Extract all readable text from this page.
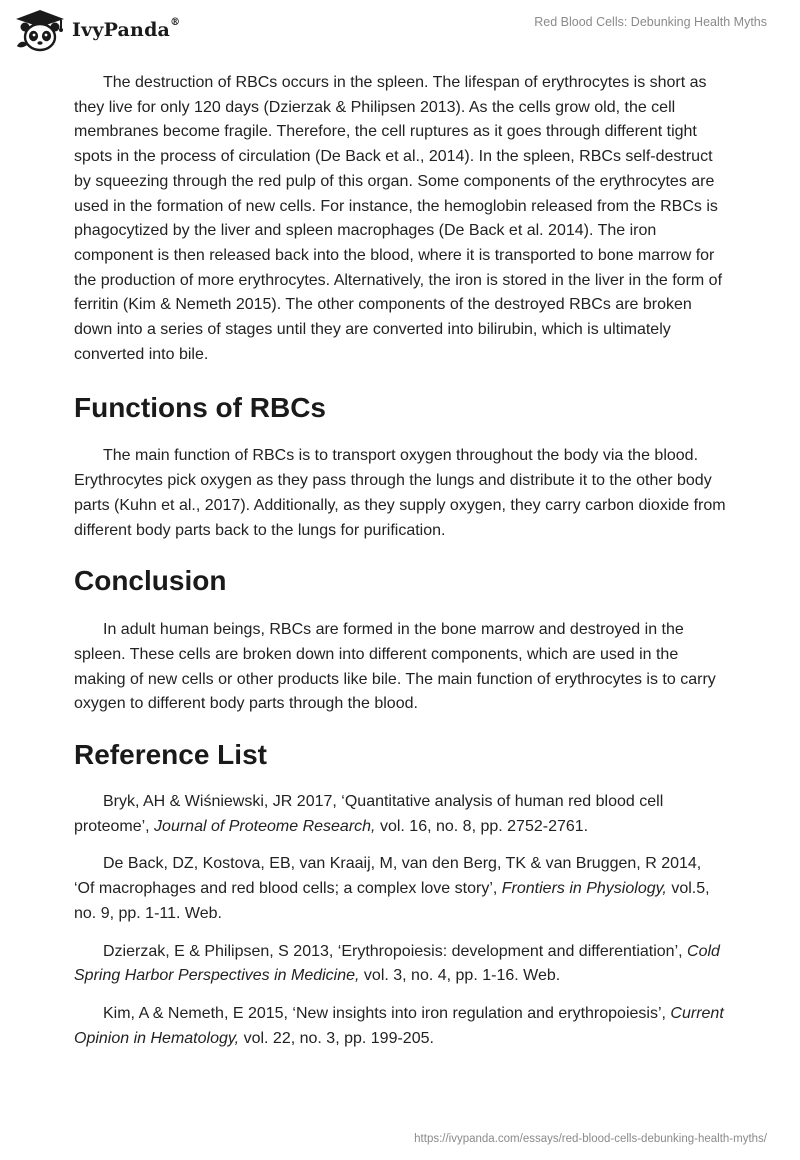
IvyPanda®	Red Blood Cells: Debunking Health Myths

The destruction of RBCs occurs in the spleen. The lifespan of erythrocytes is short as they live for only 120 days (Dzierzak & Philipsen 2013). As the cells grow old, the cell membranes become fragile. Therefore, the cell ruptures as it goes through different tight spots in the process of circulation (De Back et al., 2014). In the spleen, RBCs self-destruct by squeezing through the red pulp of this organ. Some components of the erythrocytes are used in the formation of new cells. For instance, the hemoglobin released from the RBCs is phagocytized by the liver and spleen macrophages (De Back et al. 2014). The iron component is then released back into the blood, where it is transported to bone marrow for the production of more erythrocytes. Alternatively, the iron is stored in the liver in the form of ferritin (Kim & Nemeth 2015). The other components of the destroyed RBCs are broken down into a series of stages until they are converted into bilirubin, which is ultimately converted into bile.

Functions of RBCs

The main function of RBCs is to transport oxygen throughout the body via the blood. Erythrocytes pick oxygen as they pass through the lungs and distribute it to the other body parts (Kuhn et al., 2017). Additionally, as they supply oxygen, they carry carbon dioxide from different body parts back to the lungs for purification.

Conclusion

In adult human beings, RBCs are formed in the bone marrow and destroyed in the spleen. These cells are broken down into different components, which are used in the making of new cells or other products like bile. The main function of erythrocytes is to carry oxygen to different body parts through the blood.

Reference List

Bryk, AH & Wiśniewski, JR 2017, ‘Quantitative analysis of human red blood cell proteome’, Journal of Proteome Research, vol. 16, no. 8, pp. 2752-2761.

De Back, DZ, Kostova, EB, van Kraaij, M, van den Berg, TK & van Bruggen, R 2014, ‘Of macrophages and red blood cells; a complex love story’, Frontiers in Physiology, vol.5, no. 9, pp. 1-11. Web.

Dzierzak, E & Philipsen, S 2013, ‘Erythropoiesis: development and differentiation’, Cold Spring Harbor Perspectives in Medicine, vol. 3, no. 4, pp. 1-16. Web.

Kim, A & Nemeth, E 2015, ‘New insights into iron regulation and erythropoiesis’, Current Opinion in Hematology, vol. 22, no. 3, pp. 199-205.

https://ivypanda.com/essays/red-blood-cells-debunking-health-myths/
